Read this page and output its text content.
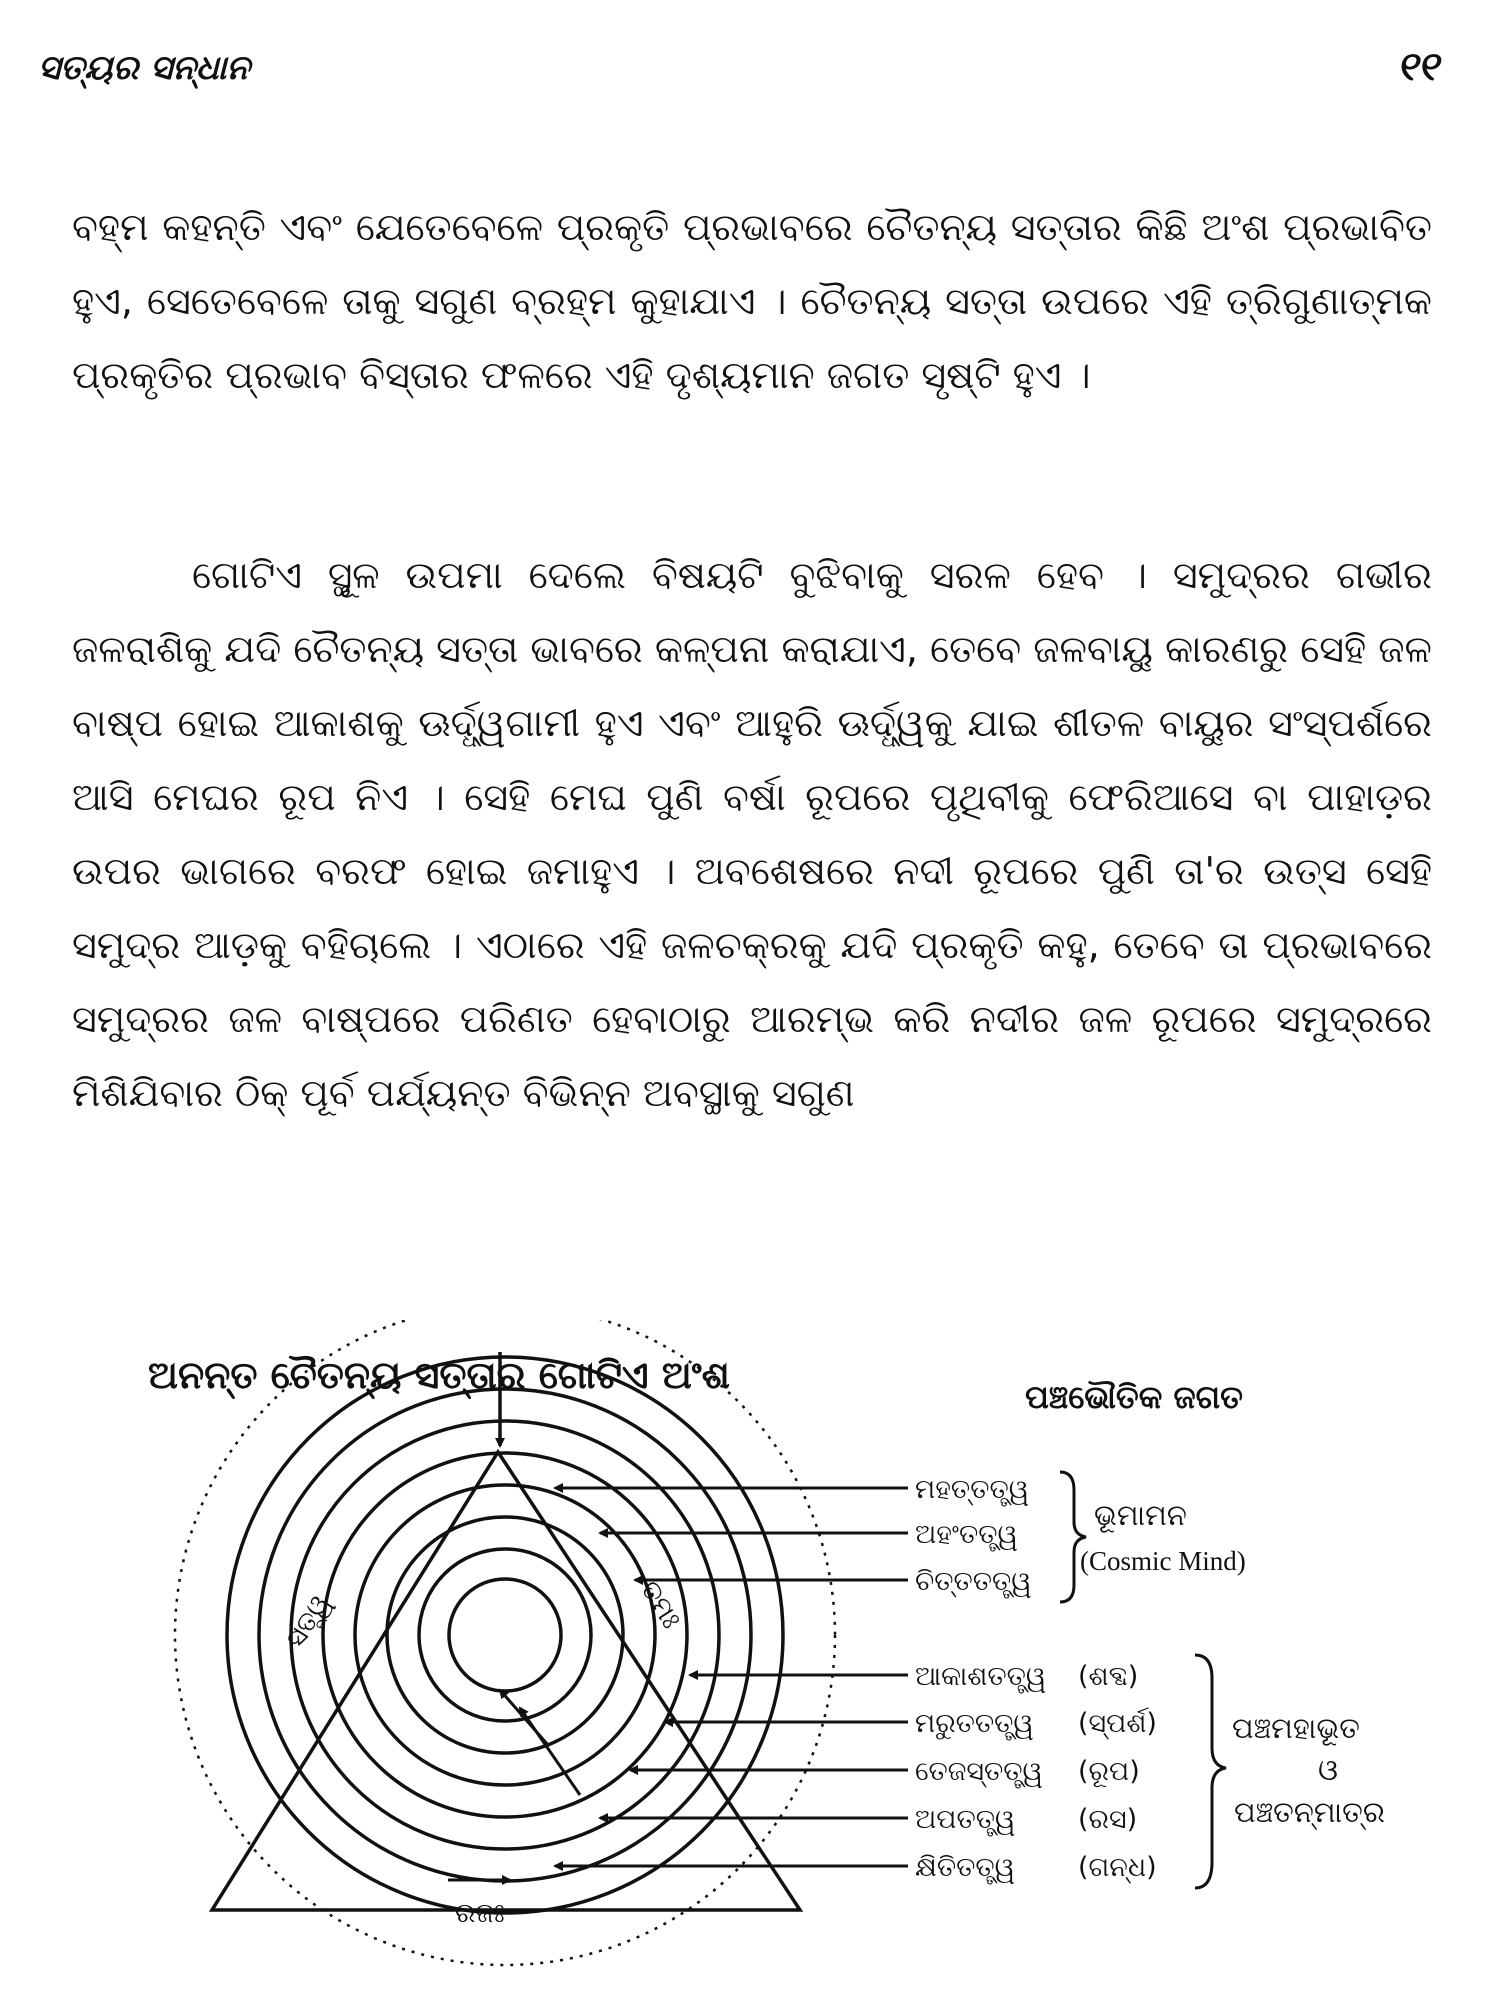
ସତ୍ୟର ସନ୍ଧାନ	୧୧
ବହ୍ମ କହନ୍ତି ଏବଂ ଯେତେବେଳେ ପ୍ରକୃତି ପ୍ରଭାବରେ ଚୈତନ୍ୟ ସତ୍ତାର କିଛି ଅଂଶ ପ୍ରଭାବିତ ହୁଏ, ସେତେବେଳେ ତାକୁ ସଗୁଣ ବ୍ରହ୍ମ କୁହାଯାଏ । ଚୈତନ୍ୟ ସତ୍ତା ଉପରେ ଏହି ତ୍ରିଗୁଣାତ୍ମକ ପ୍ରକୃତିର ପ୍ରଭାବ ବିସ୍ତାର ଫଳରେ ଏହି ଦୃଶ୍ୟମାନ ଜଗତ ସୃଷ୍ଟି ହୁଏ ।
ଗୋଟିଏ ସ୍ଥୂଳ ଉପମା ଦେଲେ ବିଷୟଟି ବୁଝିବାକୁ ସରଳ ହେବ । ସମୁଦ୍ରର ଗଭୀର ଜଳରାଶିକୁ ଯଦି ଚୈତନ୍ୟ ସତ୍ତା ଭାବରେ କଳ୍ପନା କରାଯାଏ, ତେବେ ଜଳବାୟୁ କାରଣରୁ ସେହି ଜଳ ବାଷ୍ପ ହୋଇ ଆକାଶକୁ ଊର୍ଦ୍ଧ୍ୱଗାମୀ ହୁଏ ଏବଂ ଆହୁରି ଊର୍ଦ୍ଧ୍ୱକୁ ଯାଇ ଶୀତଳ ବାୟୁର ସଂସ୍ପର୍ଶରେ ଆସି ମେଘର ରୂପ ନିଏ । ସେହି ମେଘ ପୁଣି ବର୍ଷା ରୂପରେ ପୃଥିବୀକୁ ଫେରିଆସେ ବା ପାହାଡ଼ର ଉପର ଭାଗରେ ବରଫ ହୋଇ ଜମାହୁଏ । ଅବଶେଷରେ ନଦୀ ରୂପରେ ପୁଣି ତା'ର ଉତ୍ସ ସେହି ସମୁଦ୍ର ଆଡ଼କୁ ବହିଚାଲେ । ଏଠାରେ ଏହି ଜଳଚକ୍ରକୁ ଯଦି ପ୍ରକୃତି କହୁ, ତେବେ ତା ପ୍ରଭାବରେ ସମୁଦ୍ରର ଜଳ ବାଷ୍ପରେ ପରିଣତ ହେବାଠାରୁ ଆରମ୍ଭ କରି ନଦୀର ଜଳ ରୂପରେ ସମୁଦ୍ରରେ ମିଶିଯିବାର ଠିକ୍ ପୂର୍ବ ପର୍ଯ୍ୟନ୍ତ ବିଭିନ୍ନ ଅବସ୍ଥାକୁ ସଗୁଣ
ଅନନ୍ତ ଚୈତନ୍ୟ ସତ୍ତାର ଗୋଟିଏ ଅଂଶ	ପଞ୍ଚଭୌତିକ ଜଗତ
ସତ୍ତ୍ୱ	ତମଃ
ରଜଃ
ମହତ୍ତତ୍ତ୍ୱ
ଅହଂତତ୍ତ୍ୱ
ଚିତ୍ତତତ୍ତ୍ୱ
ଭୂମାମନ
(Cosmic Mind)
ଆକାଶତତ୍ତ୍ୱ (ଶବ୍ଦ)
ମରୁତତତ୍ତ୍ୱ (ସ୍ପର୍ଶ)
ତେଜସ୍ତତ୍ତ୍ୱ (ରୂପ)
ଅପତତ୍ତ୍ୱ (ରସ)
କ୍ଷିତିତତ୍ତ୍ୱ (ଗନ୍ଧ)
ପଞ୍ଚମହାଭୂତ
ଓ
ପଞ୍ଚତନ୍ମାତ୍ର
